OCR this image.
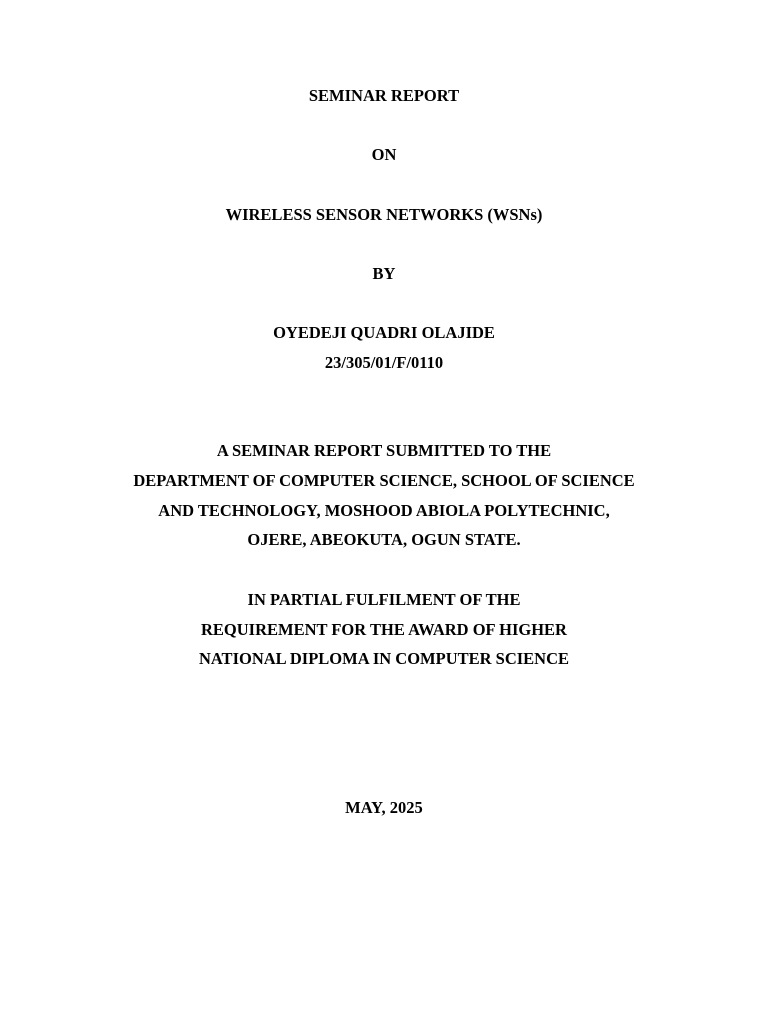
SEMINAR REPORT
ON
WIRELESS SENSOR NETWORKS (WSNs)
BY
OYEDEJI QUADRI OLAJIDE
23/305/01/F/0110
A SEMINAR REPORT SUBMITTED TO THE
DEPARTMENT OF COMPUTER SCIENCE, SCHOOL OF SCIENCE
AND TECHNOLOGY, MOSHOOD ABIOLA POLYTECHNIC,
OJERE, ABEOKUTA, OGUN STATE.
IN PARTIAL FULFILMENT OF THE
REQUIREMENT FOR THE AWARD OF HIGHER
NATIONAL DIPLOMA IN COMPUTER SCIENCE
MAY, 2025
